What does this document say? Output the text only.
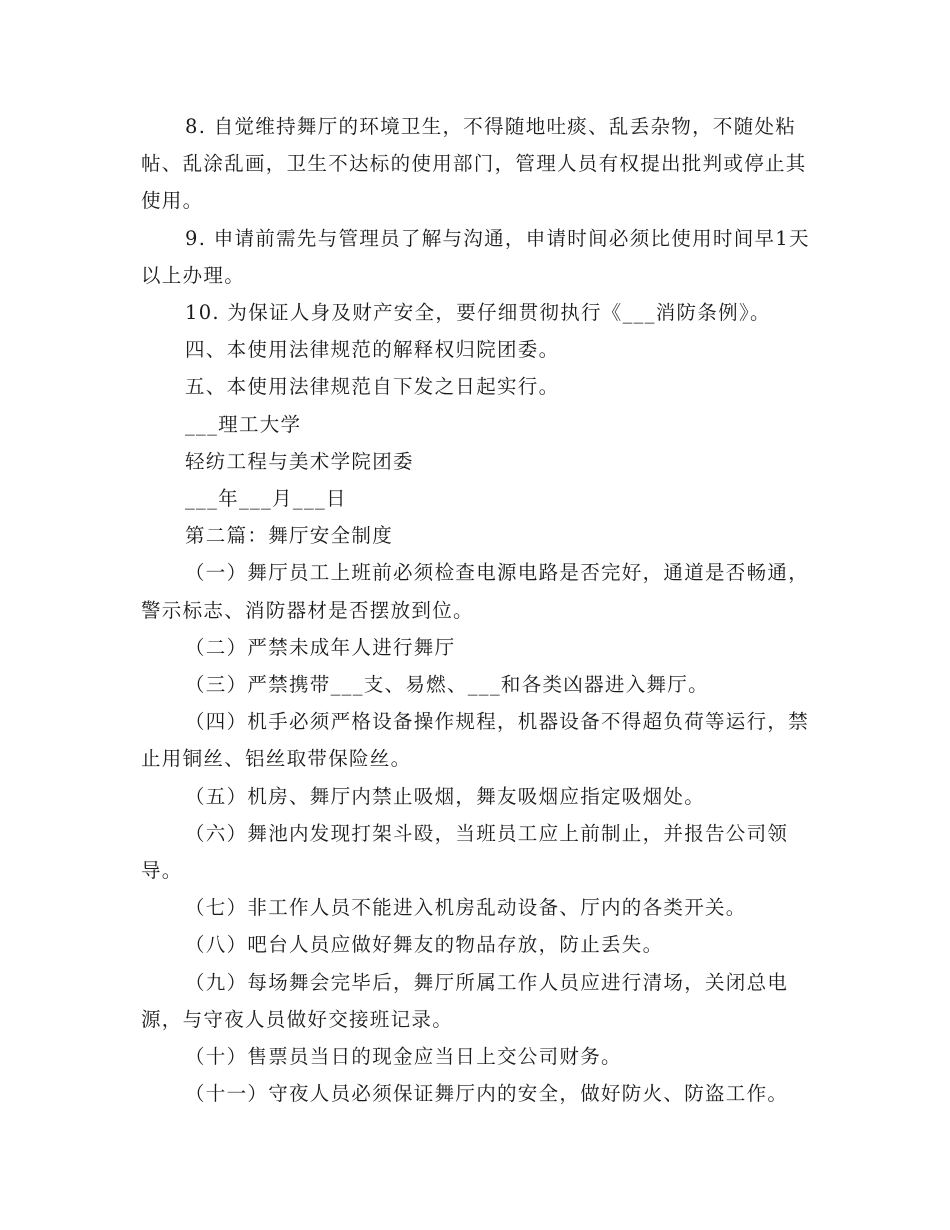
8. 自觉维持舞厅的环境卫生，不得随地吐痰、乱丢杂物，不随处粘帖、乱涂乱画，卫生不达标的使用部门，管理人员有权提出批判或停止其使用。

9. 申请前需先与管理员了解与沟通，申请时间必须比使用时间早1天以上办理。

10. 为保证人身及财产安全，要仔细贯彻执行《___消防条例》。

四、本使用法律规范的解释权归院团委。

五、本使用法律规范自下发之日起实行。

___理工大学

轻纺工程与美术学院团委

___年___月___日

第二篇：舞厅安全制度

（一）舞厅员工上班前必须检查电源电路是否完好，通道是否畅通，警示标志、消防器材是否摆放到位。

（二）严禁未成年人进行舞厅

（三）严禁携带___支、易燃、___和各类凶器进入舞厅。

（四）机手必须严格设备操作规程，机器设备不得超负荷等运行，禁止用铜丝、铝丝取带保险丝。

（五）机房、舞厅内禁止吸烟，舞友吸烟应指定吸烟处。

（六）舞池内发现打架斗殴，当班员工应上前制止，并报告公司领导。

（七）非工作人员不能进入机房乱动设备、厅内的各类开关。

（八）吧台人员应做好舞友的物品存放，防止丢失。

（九）每场舞会完毕后，舞厅所属工作人员应进行清场，关闭总电源，与守夜人员做好交接班记录。

（十）售票员当日的现金应当日上交公司财务。

（十一）守夜人员必须保证舞厅内的安全，做好防火、防盗工作。
